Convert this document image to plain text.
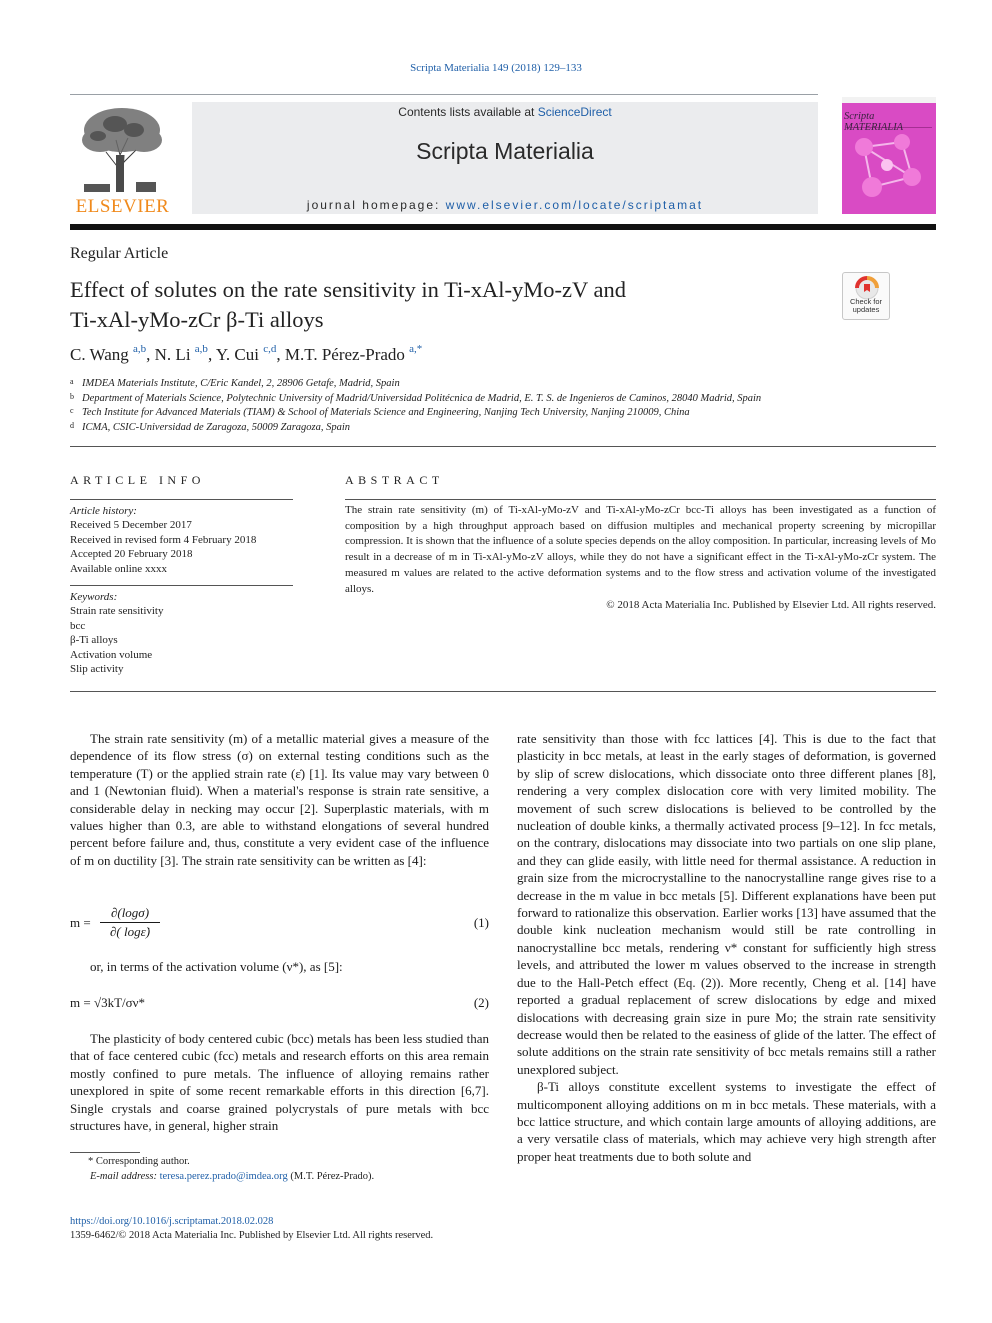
Scripta Materialia 149 (2018) 129–133
ELSEVIER
Contents lists available at ScienceDirect
Scripta Materialia
journal homepage: www.elsevier.com/locate/scriptamat
Scripta MATERIALIA
Regular Article
Effect of solutes on the rate sensitivity in Ti-xAl-yMo-zV and
Ti-xAl-yMo-zCr β-Ti alloys
Check for updates
C. Wang $^{a,b}$, N. Li $^{a,b}$, Y. Cui $^{c,d}$, M.T. Pérez-Prado $^{a,*}$
a IMDEA Materials Institute, C/Eric Kandel, 2, 28906 Getafe, Madrid, Spain
b Department of Materials Science, Polytechnic University of Madrid/Universidad Politécnica de Madrid, E. T. S. de Ingenieros de Caminos, 28040 Madrid, Spain
c Tech Institute for Advanced Materials (TIAM) & School of Materials Science and Engineering, Nanjing Tech University, Nanjing 210009, China
d ICMA, CSIC-Universidad de Zaragoza, 50009 Zaragoza, Spain
ARTICLE INFO	ABSTRACT
Article history:
Received 5 December 2017
Received in revised form 4 February 2018
Accepted 20 February 2018
Available online xxxx
Keywords:
Strain rate sensitivity
bcc
β-Ti alloys
Activation volume
Slip activity
The strain rate sensitivity (m) of Ti-xAl-yMo-zV and Ti-xAl-yMo-zCr bcc-Ti alloys has been investigated as a function of composition by a high throughput approach based on diffusion multiples and mechanical property screening by micropillar compression. It is shown that the influence of a solute species depends on the alloy composition. In particular, increasing levels of Mo result in a decrease of m in Ti-xAl-yMo-zV alloys, while they do not have a significant effect in the Ti-xAl-yMo-zCr system. The measured m values are related to the active deformation systems and to the flow stress and activation volume of the investigated alloys.
© 2018 Acta Materialia Inc. Published by Elsevier Ltd. All rights reserved.

The strain rate sensitivity (m) of a metallic material gives a measure of the dependence of its flow stress (σ) on external testing conditions such as the temperature (T) or the applied strain rate (ε̇) [1]. Its value may vary between 0 and 1 (Newtonian fluid). When a material's response is strain rate sensitive, a considerable delay in necking may occur [2]. Superplastic materials, with m values higher than 0.3, are able to withstand elongations of several hundred percent before failure and, thus, constitute a very evident case of the influence of m on ductility [3]. The strain rate sensitivity can be written as [4]:

m =
∂(logσ)
∂( logε̇)
(1)
or, in terms of the activation volume (ν*), as [5]:
m = √3kT/σν*	(2)

The plasticity of body centered cubic (bcc) metals has been less studied than that of face centered cubic (fcc) metals and research efforts on this area remain mostly confined to pure metals. The influence of alloying remains rather unexplored in spite of some recent remarkable efforts in this direction [6,7]. Single crystals and coarse grained polycrystals of pure metals with bcc structures have, in general, higher strain

* Corresponding author.
E-mail address: teresa.perez.prado@imdea.org (M.T. Pérez-Prado).
https://doi.org/10.1016/j.scriptamat.2018.02.028
1359-6462/© 2018 Acta Materialia Inc. Published by Elsevier Ltd. All rights reserved.

rate sensitivity than those with fcc lattices [4]. This is due to the fact that plasticity in bcc metals, at least in the early stages of deformation, is governed by slip of screw dislocations, which dissociate onto three different planes [8], rendering a very complex dislocation core with very limited mobility. The movement of such screw dislocations is believed to be controlled by the nucleation of double kinks, a thermally activated process [9–12]. In fcc metals, on the contrary, dislocations may dissociate into two partials on one slip plane, and they can glide easily, with little need for thermal assistance. A reduction in grain size from the microcrystalline to the nanocrystalline range gives rise to a decrease in the m value in bcc metals [5]. Different explanations have been put forward to rationalize this observation. Earlier works [13] have assumed that the double kink nucleation mechanism would still be rate controlling in nanocrystalline bcc metals, rendering ν* constant for sufficiently high stress levels, and attributed the lower m values observed to the increase in strength due to the Hall-Petch effect (Eq. (2)). More recently, Cheng et al. [14] have reported a gradual replacement of screw dislocations by edge and mixed dislocations with decreasing grain size in pure Mo; the strain rate sensitivity decrease would then be related to the easiness of glide of the latter. The effect of solute additions on the strain rate sensitivity of bcc metals remains still a rather unexplored subject.

β-Ti alloys constitute excellent systems to investigate the effect of multicomponent alloying additions on m in bcc metals. These materials, with a bcc lattice structure, and which contain large amounts of alloying additions, are a very versatile class of materials, which may achieve very high strength after proper heat treatments due to both solute and
